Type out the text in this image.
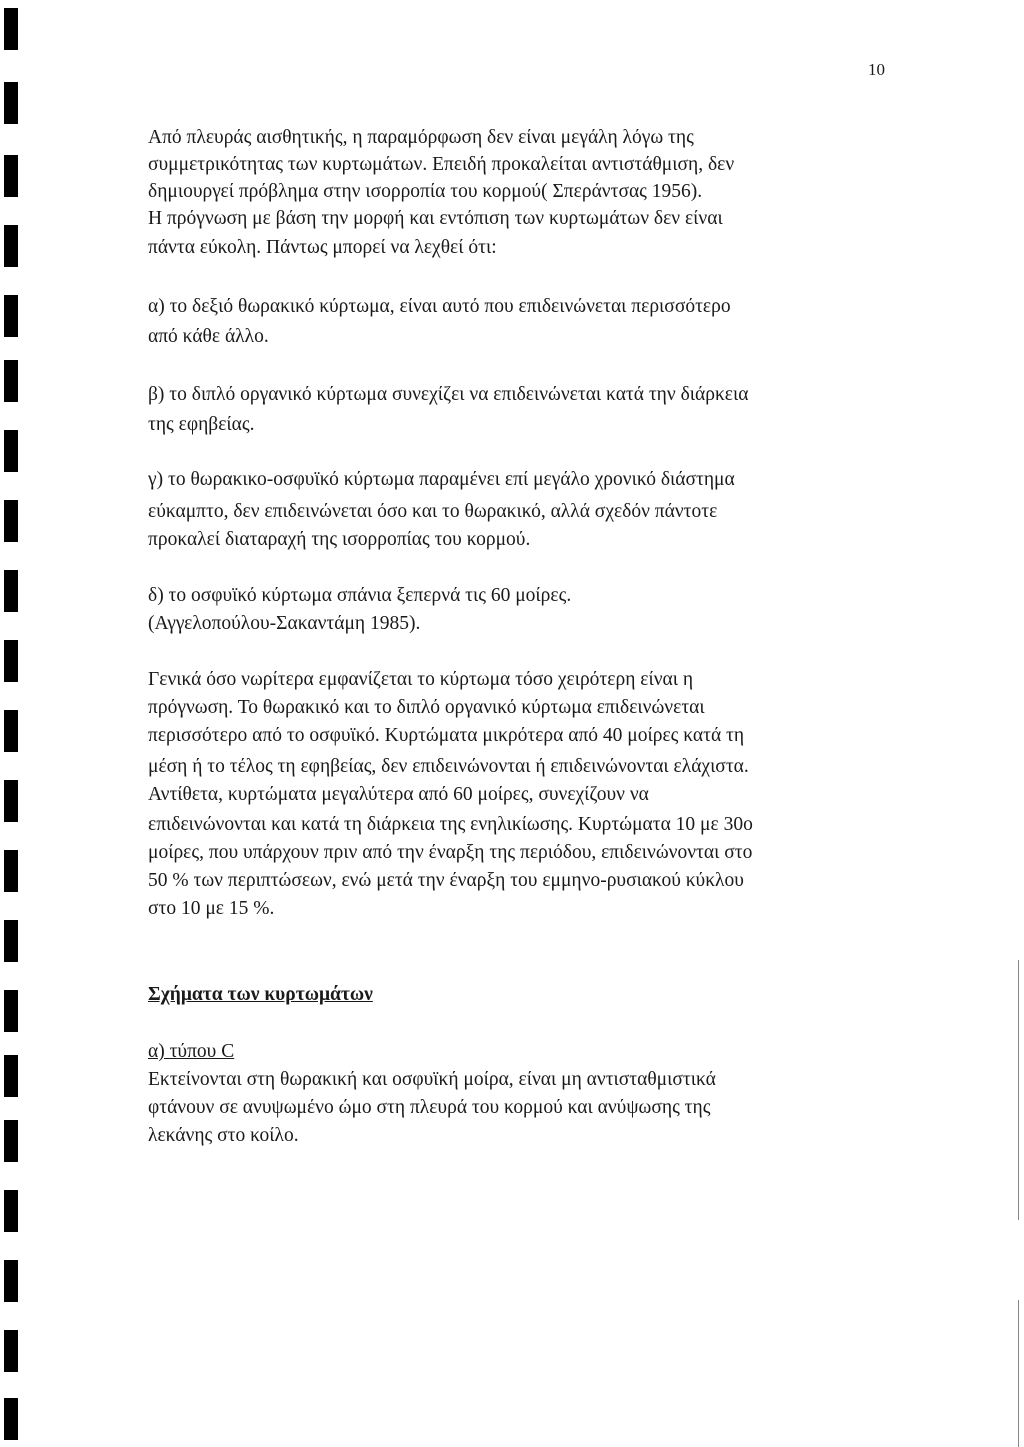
10
Από πλευράς αισθητικής, η παραμόρφωση δεν είναι μεγάλη λόγω της
συμμετρικότητας των κυρτωμάτων. Επειδή προκαλείται αντιστάθμιση, δεν
δημιουργεί πρόβλημα στην ισορροπία του κορμού( Σπεράντσας 1956).
Η πρόγνωση με βάση την μορφή και εντόπιση των κυρτωμάτων δεν είναι
πάντα εύκολη. Πάντως μπορεί να λεχθεί ότι:
α) το δεξιό θωρακικό κύρτωμα, είναι αυτό που επιδεινώνεται περισσότερο
από κάθε άλλο.
β) το διπλό οργανικό κύρτωμα συνεχίζει να επιδεινώνεται κατά την διάρκεια
της εφηβείας.
γ) το θωρακικο-οσφυϊκό κύρτωμα παραμένει επί μεγάλο χρονικό διάστημα
εύκαμπτο, δεν επιδεινώνεται όσο και το θωρακικό, αλλά σχεδόν πάντοτε
προκαλεί διαταραχή της ισορροπίας του κορμού.
δ) το οσφυϊκό κύρτωμα σπάνια ξεπερνά τις 60 μοίρες.
(Αγγελοπούλου-Σακαντάμη 1985).
Γενικά όσο νωρίτερα εμφανίζεται το κύρτωμα τόσο χειρότερη είναι η
πρόγνωση. Το θωρακικό και το διπλό οργανικό κύρτωμα επιδεινώνεται
περισσότερο από το οσφυϊκό. Κυρτώματα μικρότερα από 40 μοίρες κατά τη
μέση ή το τέλος τη εφηβείας, δεν επιδεινώνονται ή επιδεινώνονται ελάχιστα.
Αντίθετα, κυρτώματα μεγαλύτερα από 60 μοίρες, συνεχίζουν να
επιδεινώνονται και κατά τη διάρκεια της ενηλικίωσης. Κυρτώματα 10 με 30ο
μοίρες, που υπάρχουν πριν από την έναρξη της περιόδου, επιδεινώνονται στο
50 % των περιπτώσεων, ενώ μετά την έναρξη του εμμηνο-ρυσιακού κύκλου
στο 10 με 15 %.
Σχήματα των κυρτωμάτων
α) τύπου C
Εκτείνονται στη θωρακική και οσφυϊκή μοίρα, είναι μη αντισταθμιστικά
φτάνουν σε ανυψωμένο ώμο στη πλευρά του κορμού και ανύψωσης της
λεκάνης στο κοίλο.
